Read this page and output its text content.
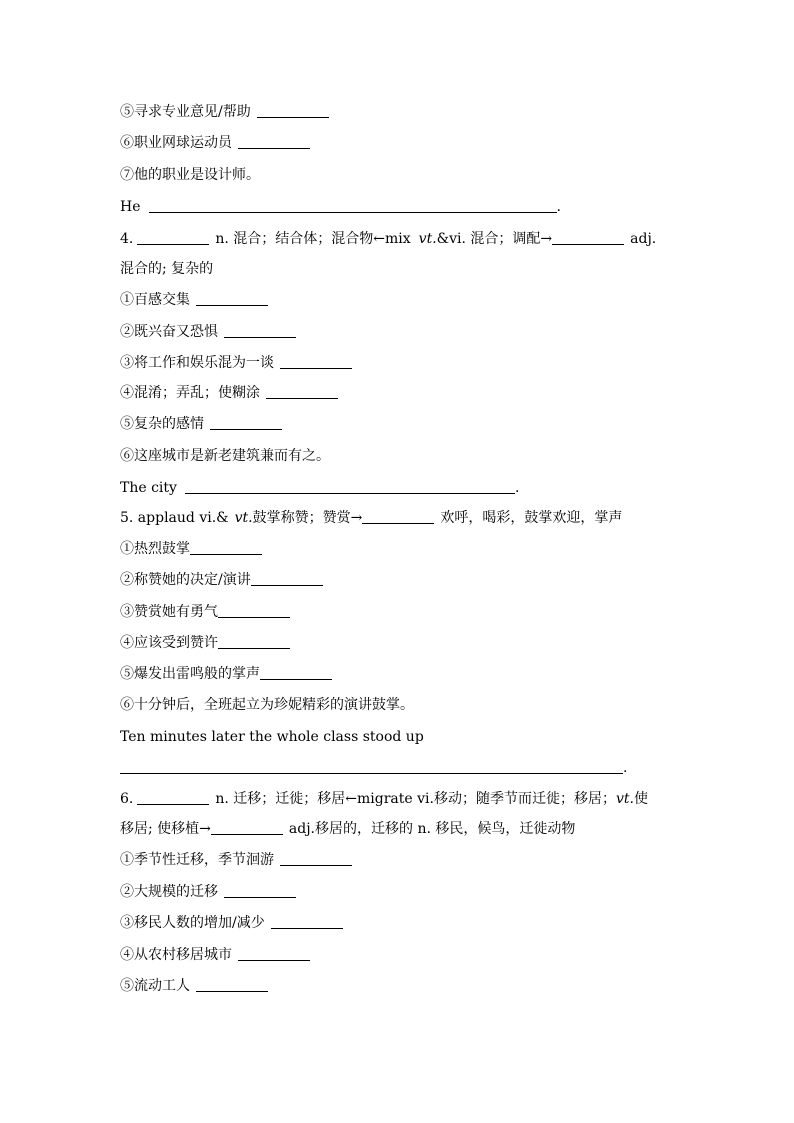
⑤寻求专业意见/帮助
⑥职业网球运动员
⑦他的职业是设计师。
He	.
4.	n. 混合；结合体；混合物←mix vt.&vi. 混合；调配→	adj.
混合的; 复杂的
①百感交集
②既兴奋又恐惧
③将工作和娱乐混为一谈
④混淆；弄乱；使糊涂
⑤复杂的感情
⑥这座城市是新老建筑兼而有之。
The city	.
5. applaud vi.& vt.鼓掌称赞；赞赏→	欢呼，喝彩，鼓掌欢迎，掌声
①热烈鼓掌
②称赞她的决定/演讲
③赞赏她有勇气
④应该受到赞许
⑤爆发出雷鸣般的掌声
⑥十分钟后，全班起立为珍妮精彩的演讲鼓掌。
Ten minutes later the whole class stood up
.
6.	n. 迁移；迁徙；移居←migrate vi.移动；随季节而迁徙；移居；vt.使
移居; 使移植→	adj.移居的，迁移的 n. 移民，候鸟，迁徙动物
①季节性迁移，季节洄游
②大规模的迁移
③移民人数的增加/减少
④从农村移居城市
⑤流动工人
